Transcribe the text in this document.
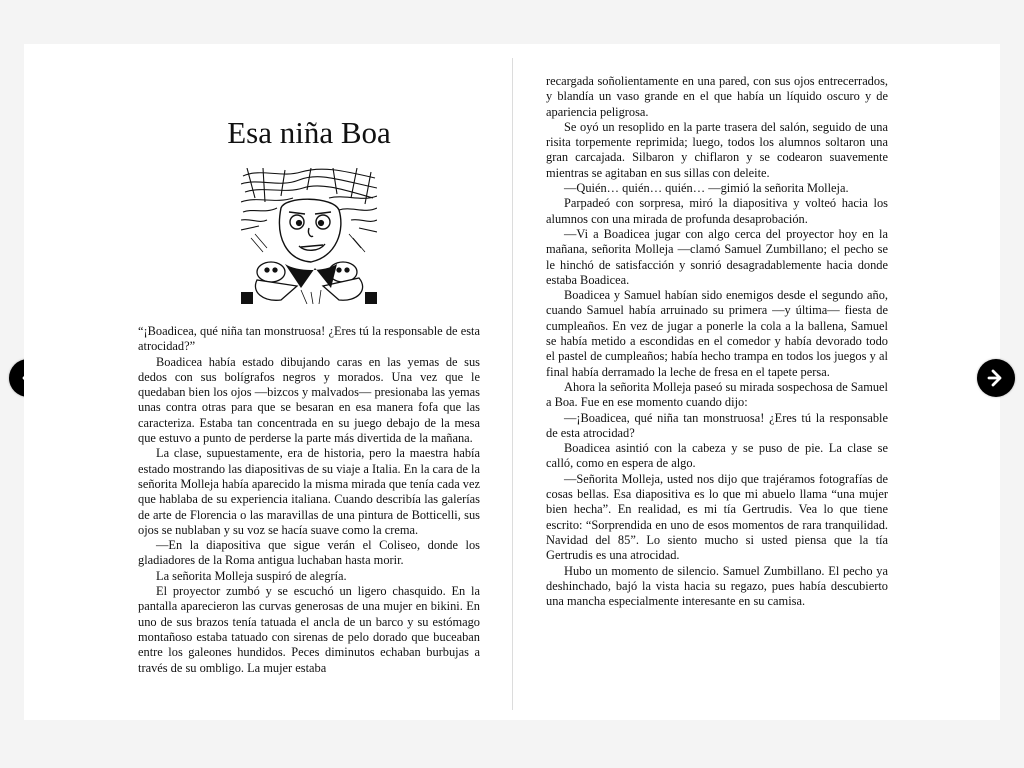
Esa niña Boa

“¡Boadicea, qué niña tan monstruosa! ¿Eres tú la responsable de esta atrocidad?”

Boadicea había estado dibujando caras en las yemas de sus dedos con sus bolígrafos negros y morados. Una vez que le quedaban bien los ojos —bizcos y malvados— presionaba las yemas unas contra otras para que se besaran en esa manera fofa que las caracteriza. Estaba tan concentrada en su juego debajo de la mesa que estuvo a punto de perderse la parte más divertida de la mañana.

La clase, supuestamente, era de historia, pero la maestra había estado mostrando las diapositivas de su viaje a Italia. En la cara de la señorita Molleja había aparecido la misma mirada que tenía cada vez que hablaba de su experiencia italiana. Cuando describía las galerías de arte de Florencia o las maravillas de una pintura de Botticelli, sus ojos se nublaban y su voz se hacía suave como la crema.

—En la diapositiva que sigue verán el Coliseo, donde los gladiadores de la Roma antigua luchaban hasta morir.

La señorita Molleja suspiró de alegría.

El proyector zumbó y se escuchó un ligero chasquido. En la pantalla aparecieron las curvas generosas de una mujer en bikini. En uno de sus brazos tenía tatuada el ancla de un barco y su estómago montañoso estaba tatuado con sirenas de pelo dorado que buceaban entre los galeones hundidos. Peces diminutos echaban burbujas a través de su ombligo. La mujer estaba

recargada soñolientamente en una pared, con sus ojos entrecerrados, y blandía un vaso grande en el que había un líquido oscuro y de apariencia peligrosa.

Se oyó un resoplido en la parte trasera del salón, seguido de una risita torpemente reprimida; luego, todos los alumnos soltaron una gran carcajada. Silbaron y chiflaron y se codearon suavemente mientras se agitaban en sus sillas con deleite.

—Quién… quién… quién… —gimió la señorita Molleja.

Parpadeó con sorpresa, miró la diapositiva y volteó hacia los alumnos con una mirada de profunda desaprobación.

—Vi a Boadicea jugar con algo cerca del proyector hoy en la mañana, señorita Molleja —clamó Samuel Zumbillano; el pecho se le hinchó de satisfacción y sonrió desagradablemente hacia donde estaba Boadicea.

Boadicea y Samuel habían sido enemigos desde el segundo año, cuando Samuel había arruinado su primera —y última— fiesta de cumpleaños. En vez de jugar a ponerle la cola a la ballena, Samuel se había metido a escondidas en el comedor y había devorado todo el pastel de cumpleaños; había hecho trampa en todos los juegos y al final había derramado la leche de fresa en el tapete persa.

Ahora la señorita Molleja paseó su mirada sospechosa de Samuel a Boa. Fue en ese momento cuando dijo:

—¡Boadicea, qué niña tan monstruosa! ¿Eres tú la responsable de esta atrocidad?

Boadicea asintió con la cabeza y se puso de pie. La clase se calló, como en espera de algo.

—Señorita Molleja, usted nos dijo que trajéramos fotografías de cosas bellas. Esa diapositiva es lo que mi abuelo llama “una mujer bien hecha”. En realidad, es mi tía Gertrudis. Vea lo que tiene escrito: “Sorprendida en uno de esos momentos de rara tranquilidad. Navidad del 85”. Lo siento mucho si usted piensa que la tía Gertrudis es una atrocidad.

Hubo un momento de silencio. Samuel Zumbillano. El pecho ya deshinchado, bajó la vista hacia su regazo, pues había descubierto una mancha especialmente interesante en su camisa.
